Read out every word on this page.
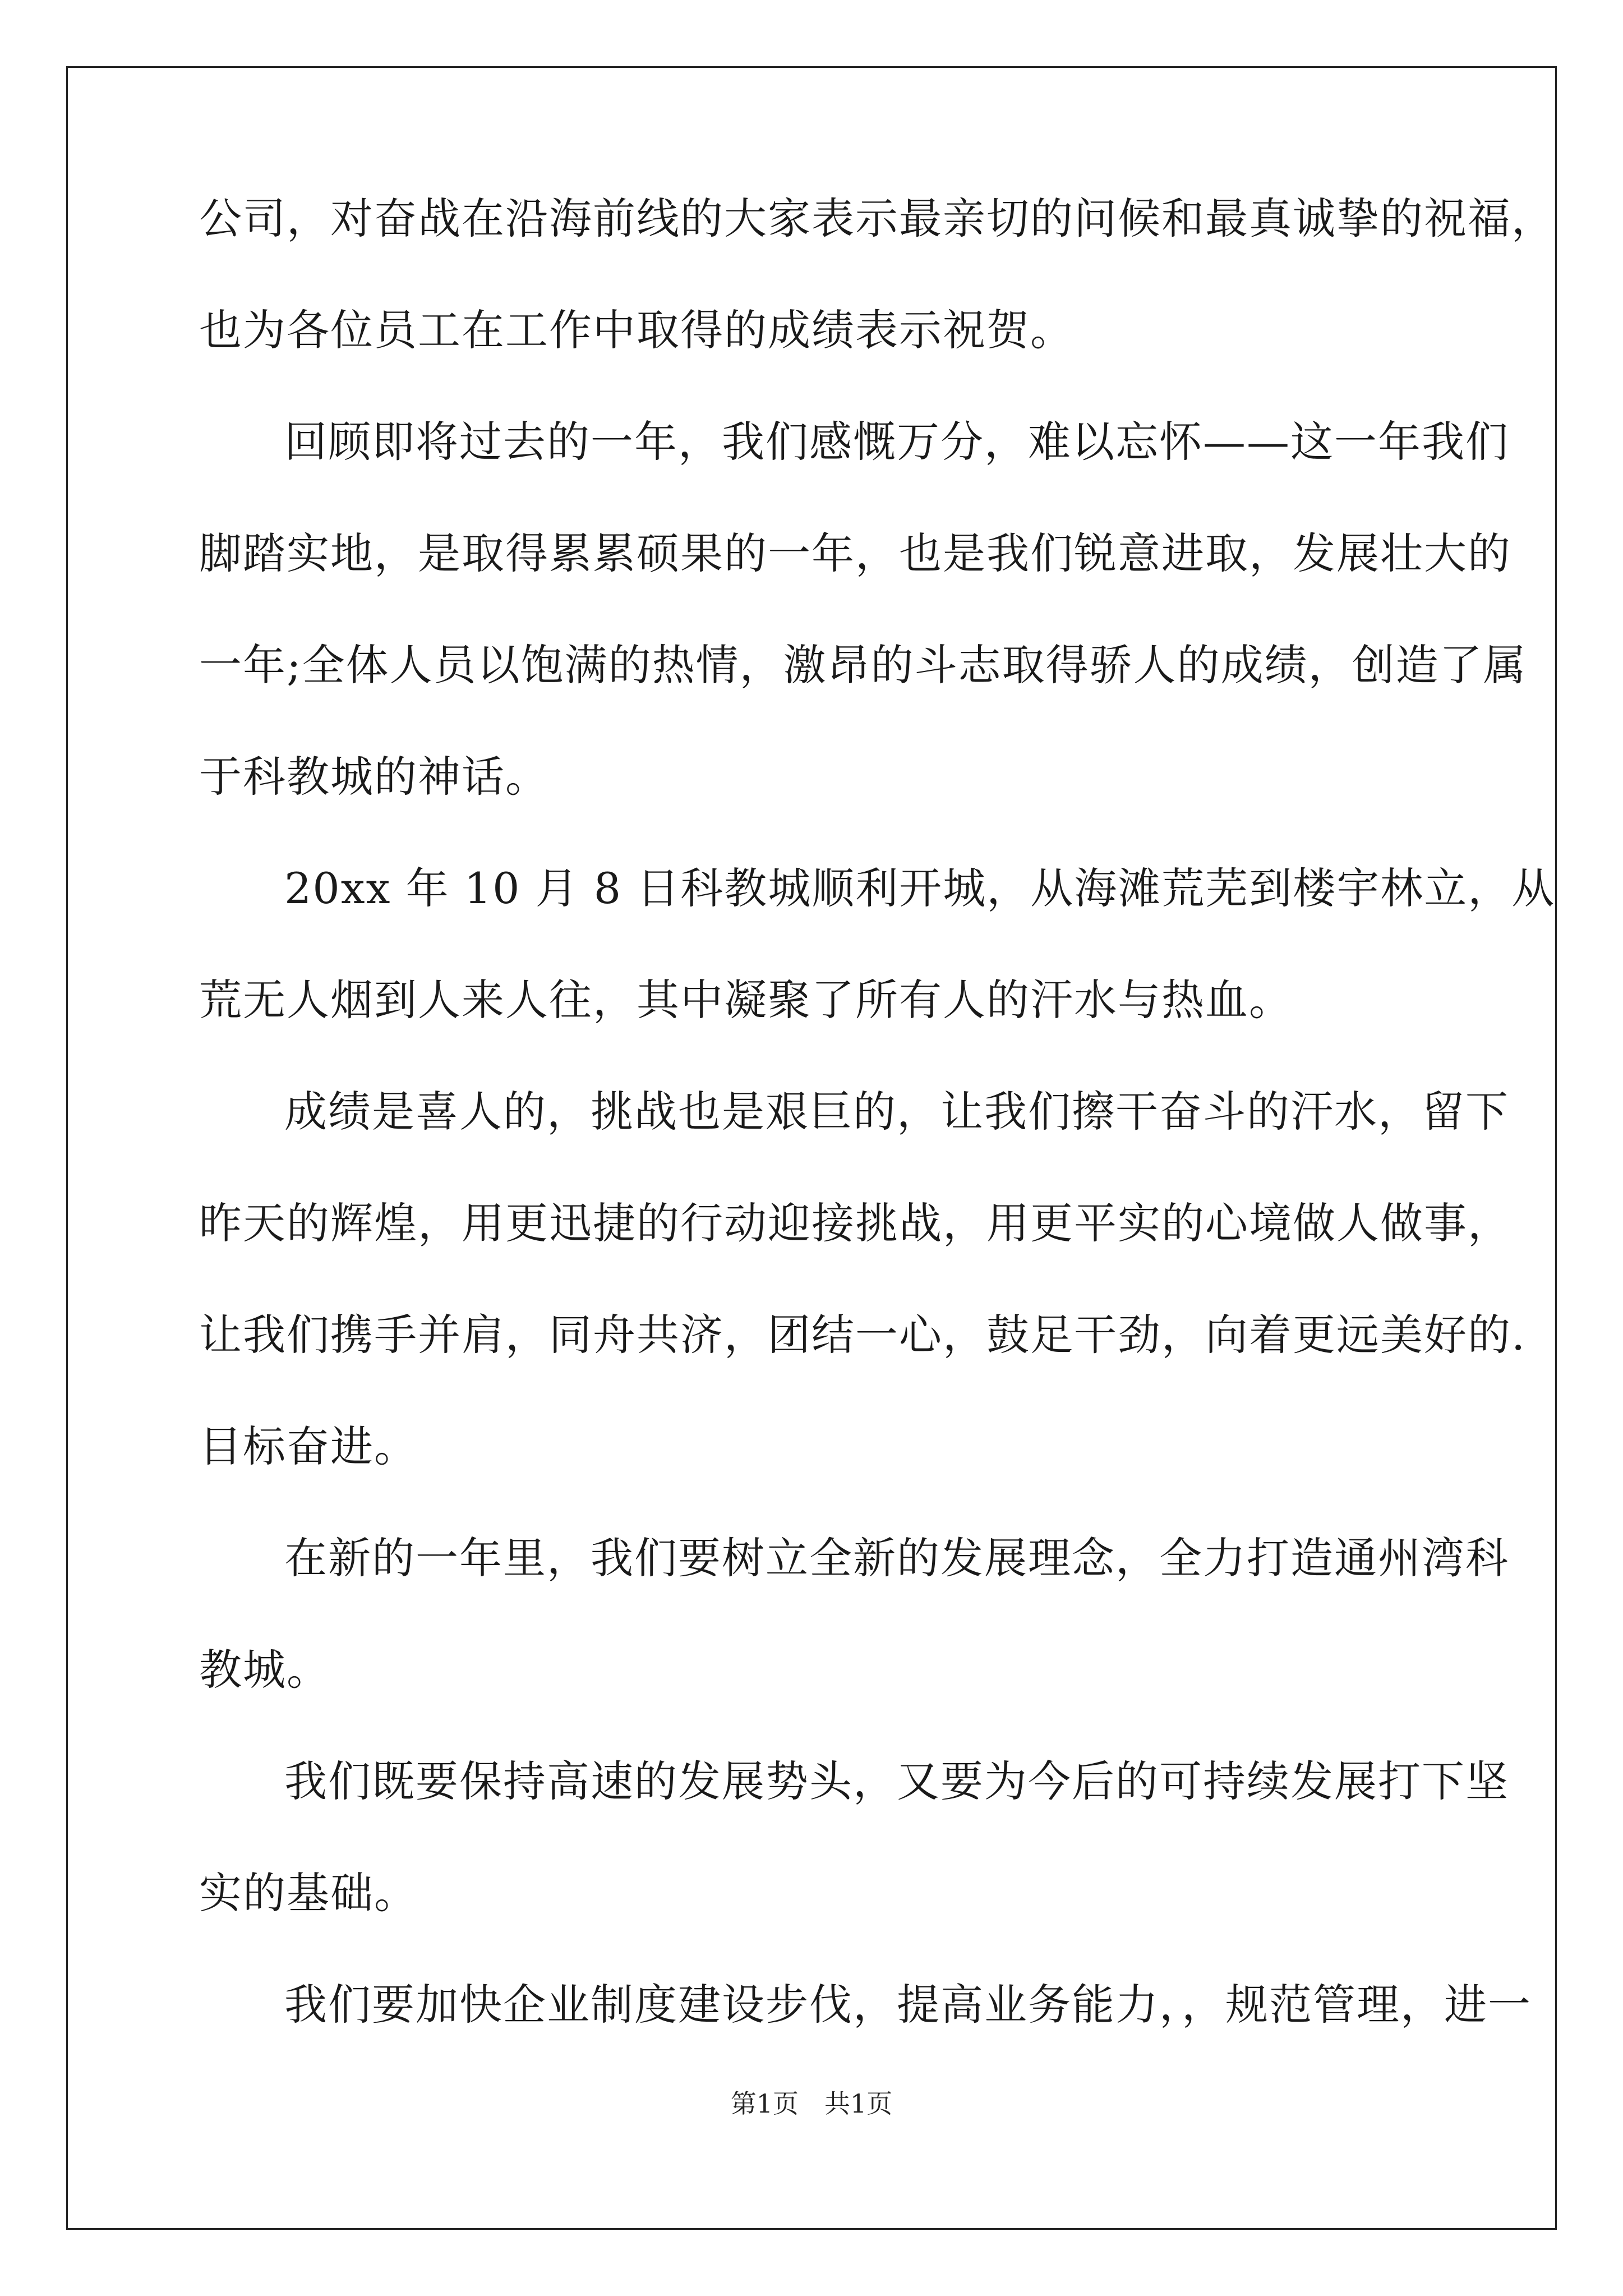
公司，对奋战在沿海前线的大家表示最亲切的问候和最真诚挚的祝福，
也为各位员工在工作中取得的成绩表示祝贺。
回顾即将过去的一年，我们感慨万分，难以忘怀——这一年我们
脚踏实地，是取得累累硕果的一年，也是我们锐意进取，发展壮大的
一年;全体人员以饱满的热情，激昂的斗志取得骄人的成绩，创造了属
于科教城的神话。
20xx 年 10 月 8 日科教城顺利开城，从海滩荒芜到楼宇林立，从
荒无人烟到人来人往，其中凝聚了所有人的汗水与热血。
成绩是喜人的，挑战也是艰巨的，让我们擦干奋斗的汗水，留下
昨天的辉煌，用更迅捷的行动迎接挑战，用更平实的心境做人做事，
让我们携手并肩，同舟共济，团结一心，鼓足干劲，向着更远美好的.
目标奋进。
在新的一年里，我们要树立全新的发展理念，全力打造通州湾科
教城。
我们既要保持高速的发展势头，又要为今后的可持续发展打下坚
实的基础。
我们要加快企业制度建设步伐，提高业务能力，，规范管理，进一
第1页　共1页
